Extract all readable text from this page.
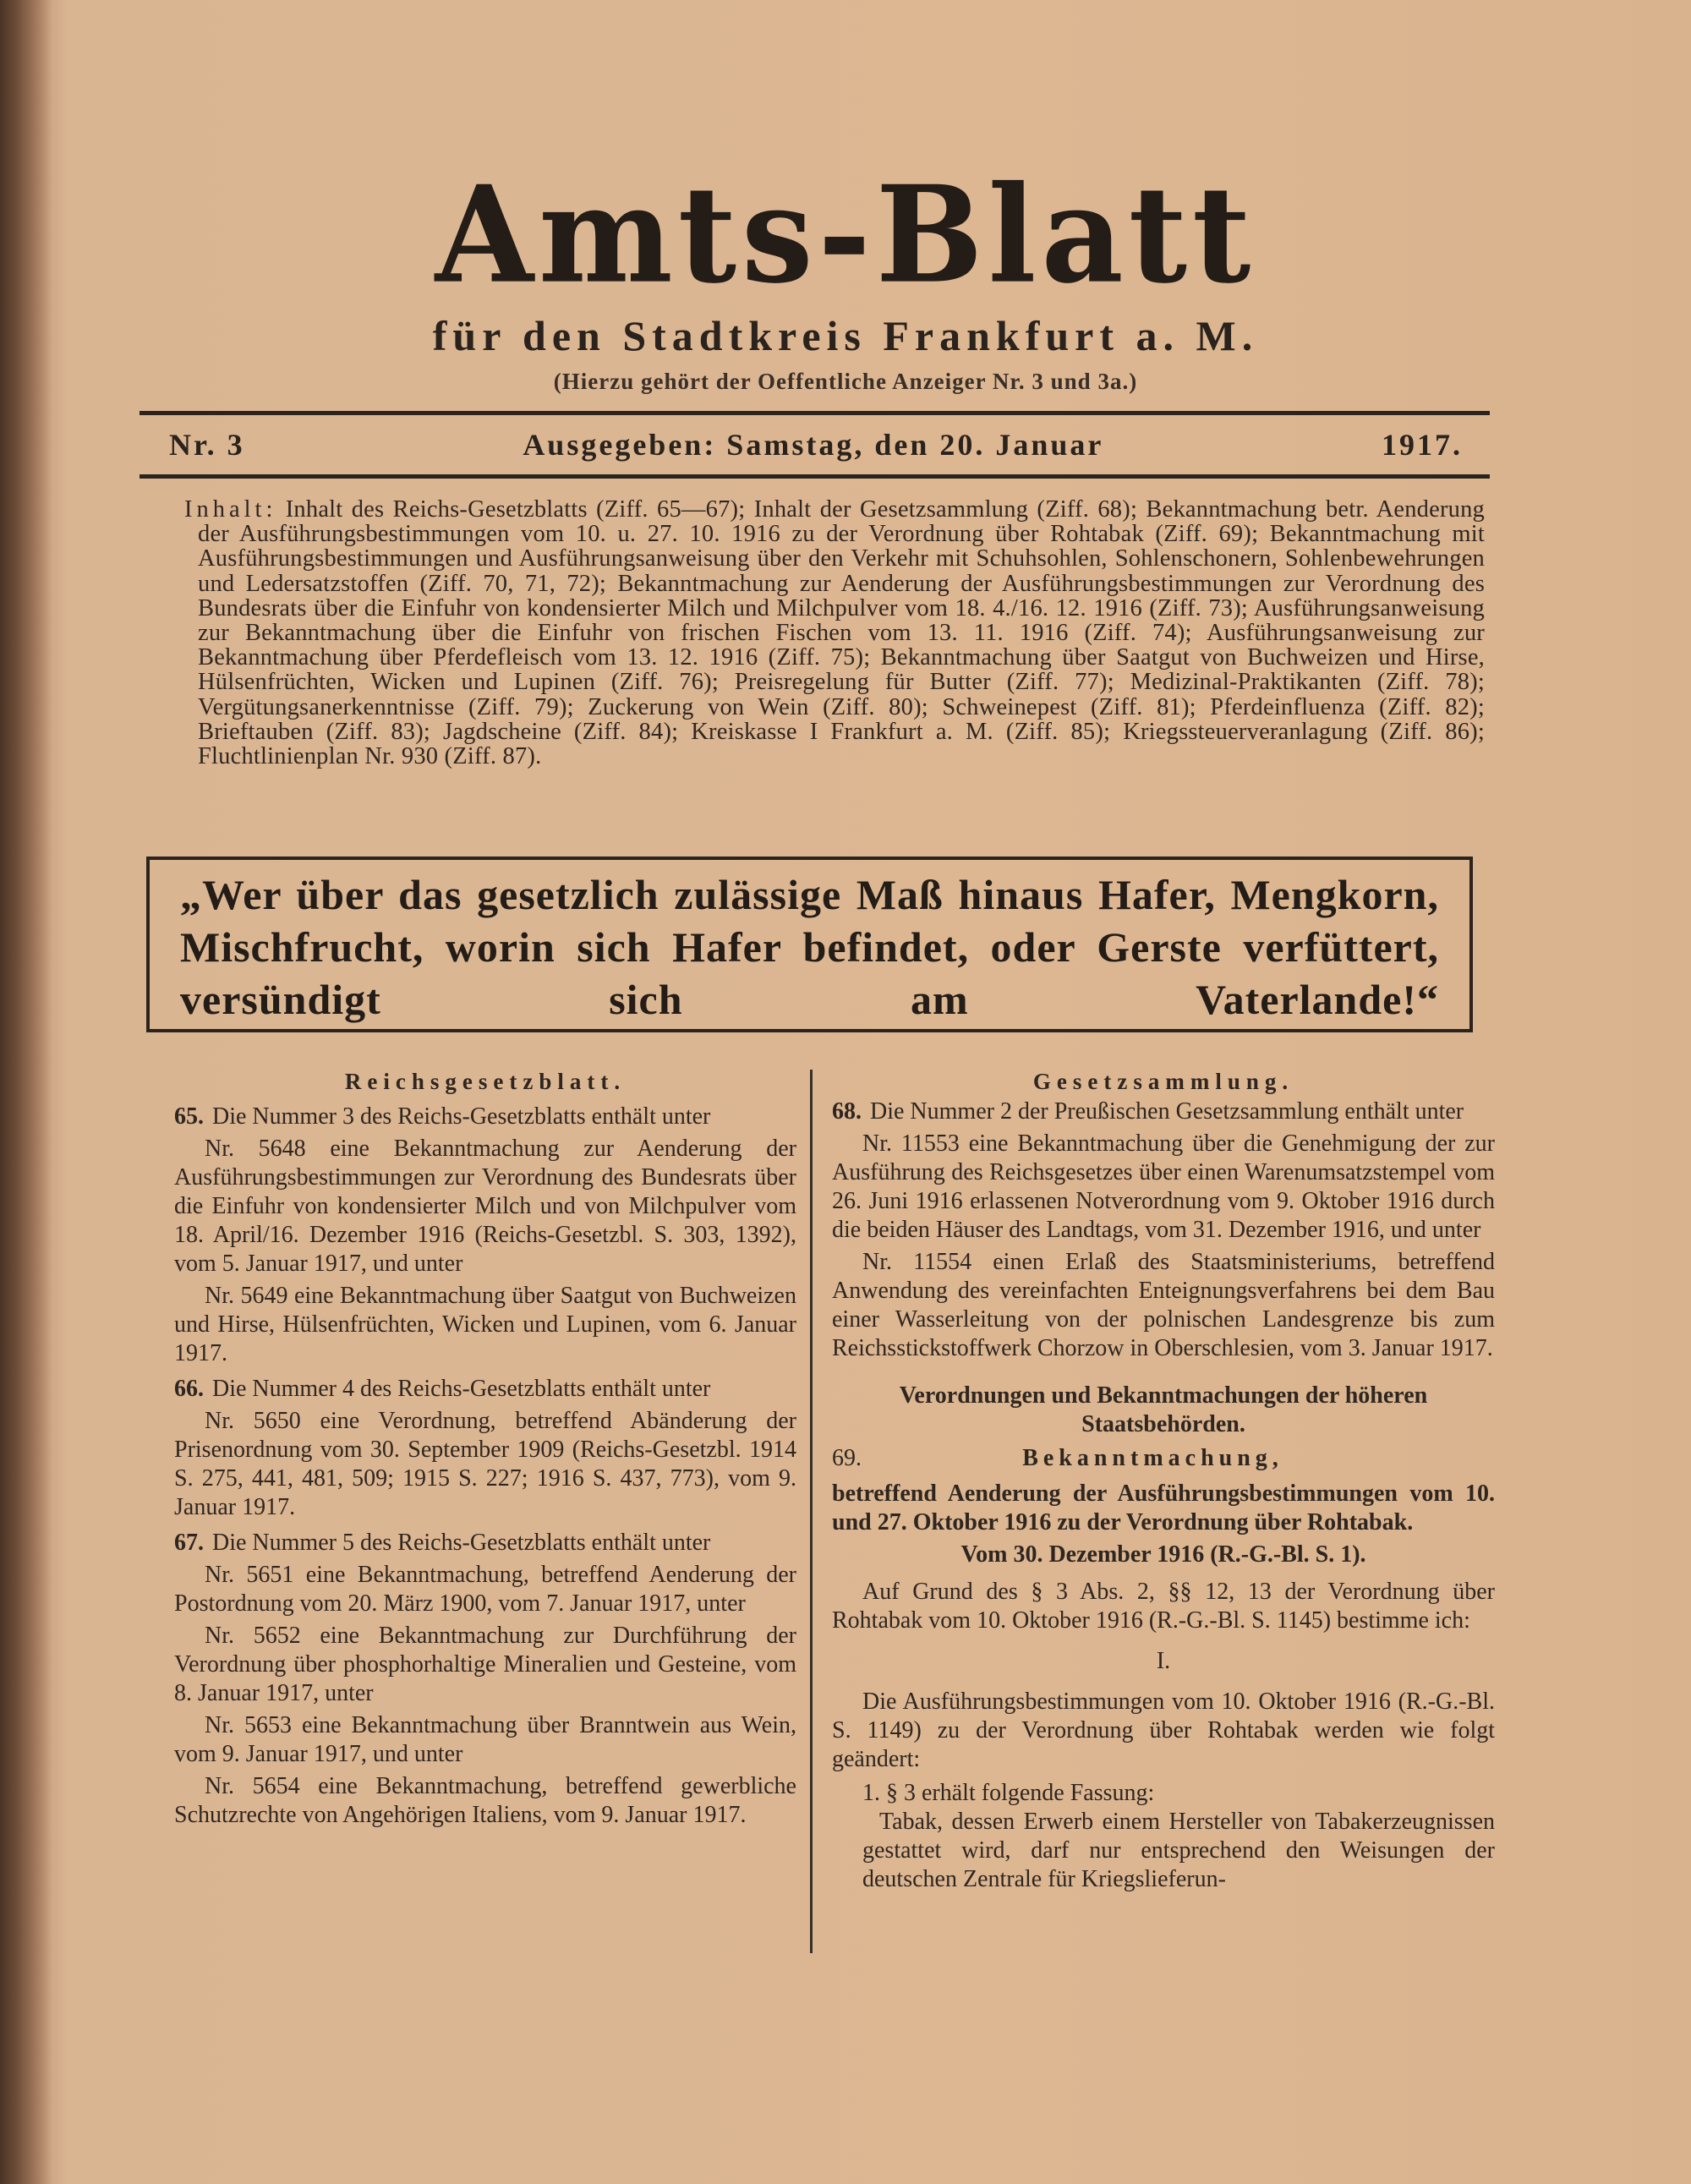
Amts-Blatt
für den Stadtkreis Frankfurt a. M.
(Hierzu gehört der Oeffentliche Anzeiger Nr. 3 und 3a.)
Nr. 3	Ausgegeben: Samstag, den 20. Januar	1917.
Inhalt: Inhalt des Reichs-Gesetzblatts (Ziff. 65—67); Inhalt der Gesetzsammlung (Ziff. 68); Bekanntmachung betr. Aenderung der Ausführungsbestimmungen vom 10. u. 27. 10. 1916 zu der Verordnung über Rohtabak (Ziff. 69); Bekanntmachung mit Ausführungsbestimmungen und Ausführungsanweisung über den Verkehr mit Schuhsohlen, Sohlenschonern, Sohlenbewehrungen und Ledersatzstoffen (Ziff. 70, 71, 72); Bekanntmachung zur Aenderung der Ausführungsbestimmungen zur Verordnung des Bundesrats über die Einfuhr von kondensierter Milch und Milchpulver vom 18. 4./16. 12. 1916 (Ziff. 73); Ausführungsanweisung zur Bekanntmachung über die Einfuhr von frischen Fischen vom 13. 11. 1916 (Ziff. 74); Ausführungsanweisung zur Bekanntmachung über Pferdefleisch vom 13. 12. 1916 (Ziff. 75); Bekanntmachung über Saatgut von Buchweizen und Hirse, Hülsenfrüchten, Wicken und Lupinen (Ziff. 76); Preisregelung für Butter (Ziff. 77); Medizinal-Praktikanten (Ziff. 78); Vergütungsanerkenntnisse (Ziff. 79); Zuckerung von Wein (Ziff. 80); Schweinepest (Ziff. 81); Pferdeinfluenza (Ziff. 82); Brieftauben (Ziff. 83); Jagdscheine (Ziff. 84); Kreiskasse I Frankfurt a. M. (Ziff. 85); Kriegssteuerveranlagung (Ziff. 86); Fluchtlinienplan Nr. 930 (Ziff. 87).
„Wer über das gesetzlich zulässige Maß hinaus Hafer, Mengkorn, Mischfrucht, worin sich Hafer befindet, oder Gerste verfüttert, versündigt sich am Vaterlande!“
Reichsgesetzblatt.

65. Die Nummer 3 des Reichs-Gesetzblatts enthält unter

Nr. 5648 eine Bekanntmachung zur Aenderung der Ausführungsbestimmungen zur Verordnung des Bundesrats über die Einfuhr von kondensierter Milch und von Milchpulver vom 18. April/16. Dezember 1916 (Reichs-Gesetzbl. S. 303, 1392), vom 5. Januar 1917, und unter

Nr. 5649 eine Bekanntmachung über Saatgut von Buchweizen und Hirse, Hülsenfrüchten, Wicken und Lupinen, vom 6. Januar 1917.

66. Die Nummer 4 des Reichs-Gesetzblatts enthält unter

Nr. 5650 eine Verordnung, betreffend Abänderung der Prisenordnung vom 30. September 1909 (Reichs-Gesetzbl. 1914 S. 275, 441, 481, 509; 1915 S. 227; 1916 S. 437, 773), vom 9. Januar 1917.

67. Die Nummer 5 des Reichs-Gesetzblatts enthält unter

Nr. 5651 eine Bekanntmachung, betreffend Aenderung der Postordnung vom 20. März 1900, vom 7. Januar 1917, unter

Nr. 5652 eine Bekanntmachung zur Durchführung der Verordnung über phosphorhaltige Mineralien und Gesteine, vom 8. Januar 1917, unter

Nr. 5653 eine Bekanntmachung über Branntwein aus Wein, vom 9. Januar 1917, und unter

Nr. 5654 eine Bekanntmachung, betreffend gewerbliche Schutzrechte von Angehörigen Italiens, vom 9. Januar 1917.

Gesetzsammlung.

68. Die Nummer 2 der Preußischen Gesetzsammlung enthält unter

Nr. 11553 eine Bekanntmachung über die Genehmigung der zur Ausführung des Reichsgesetzes über einen Warenumsatzstempel vom 26. Juni 1916 erlassenen Notverordnung vom 9. Oktober 1916 durch die beiden Häuser des Landtags, vom 31. Dezember 1916, und unter

Nr. 11554 einen Erlaß des Staatsministeriums, betreffend Anwendung des vereinfachten Enteignungsverfahrens bei dem Bau einer Wasserleitung von der polnischen Landesgrenze bis zum Reichsstickstoffwerk Chorzow in Oberschlesien, vom 3. Januar 1917.

Verordnungen und Bekanntmachungen der höheren Staatsbehörden.
69.	Bekanntmachung,

betreffend Aenderung der Ausführungsbestimmungen vom 10. und 27. Oktober 1916 zu der Verordnung über Rohtabak.

Vom 30. Dezember 1916 (R.-G.-Bl. S. 1).

Auf Grund des § 3 Abs. 2, §§ 12, 13 der Verordnung über Rohtabak vom 10. Oktober 1916 (R.-G.-Bl. S. 1145) bestimme ich:

I.

Die Ausführungsbestimmungen vom 10. Oktober 1916 (R.-G.-Bl. S. 1149) zu der Verordnung über Rohtabak werden wie folgt geändert:

1. § 3 erhält folgende Fassung:

Tabak, dessen Erwerb einem Hersteller von Tabakerzeugnissen gestattet wird, darf nur entsprechend den Weisungen der deutschen Zentrale für Kriegslieferun-
